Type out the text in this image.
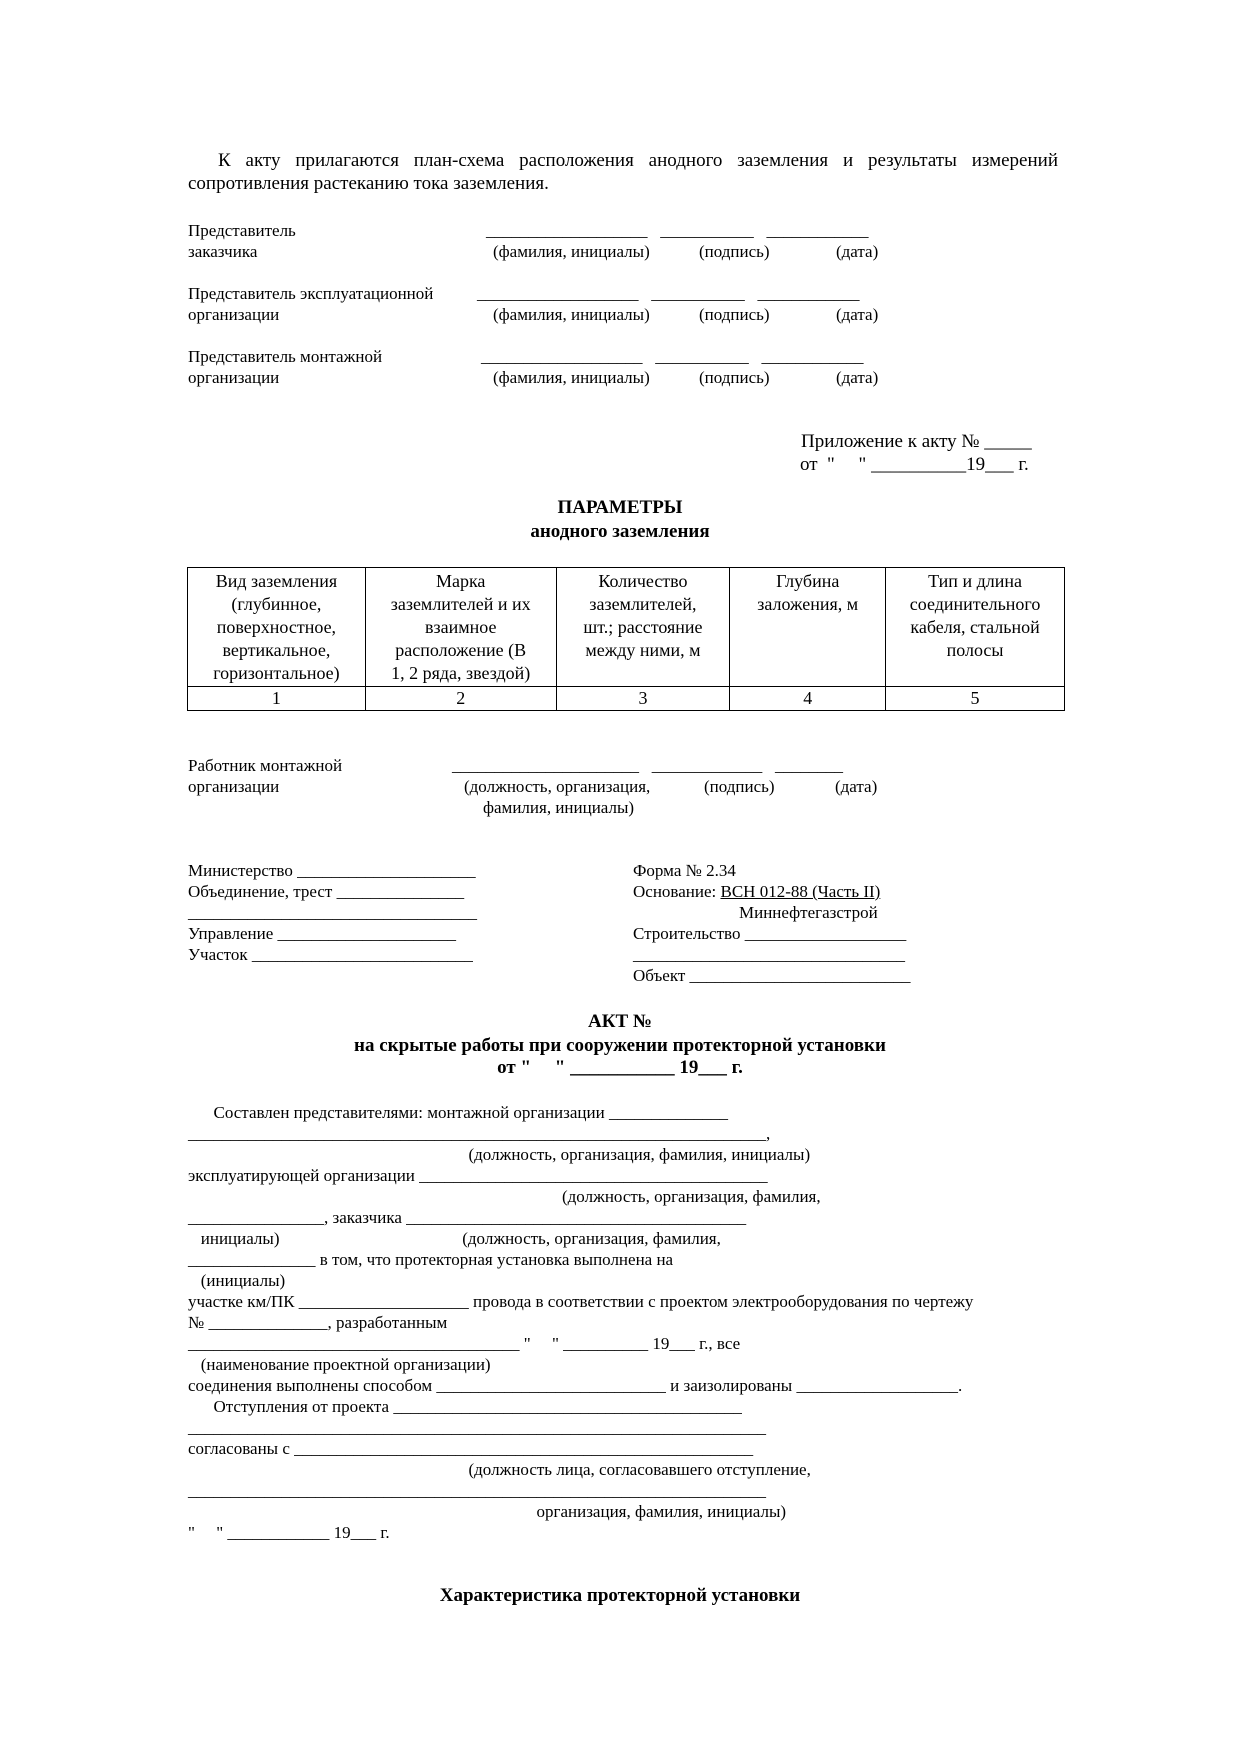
К акту прилагаются план-схема расположения анодного заземления и результаты измерений сопротивления растеканию тока заземления.
Представитель
заказчика
___________________   ___________   ____________
(фамилия, инициалы)	(подпись)	(дата)
Представитель эксплуатационной
организации
___________________   ___________   ____________
(фамилия, инициалы)	(подпись)	(дата)
Представитель монтажной
организации
___________________   ___________   ____________
(фамилия, инициалы)	(подпись)	(дата)
Приложение к акту № _____
от  "     " __________19___ г.
ПАРАМЕТРЫ
анодного заземления
Вид заземления
(глубинное,
поверхностное,
вертикальное,
горизонтальное)	Марка
заземлителей и их
взаимное
расположение (В
1, 2 ряда, звездой)	Количество
заземлителей,
шт.; расстояние
между ними, м	Глубина
заложения, м	Тип и длина
соединительного
кабеля, стальной
полосы
1	2	3	4	5
Работник монтажной
организации
______________________   _____________   ________
(должность, организация,
фамилия, инициалы)
(подпись)	(дата)
Министерство _____________________
Объединение, трест _______________
__________________________________
Управление _____________________
Участок __________________________
Форма № 2.34
Основание: ВСН 012-88 (Часть II)
Миннефтегазстрой
Строительство ___________________
________________________________
Объект __________________________
АКТ №
на скрытые работы при сооружении протекторной установки
от "     " ___________ 19___ г.
Составлен представителями: монтажной организации ______________
____________________________________________________________________,
(должность, организация, фамилия, инициалы)
эксплуатирующей организации _________________________________________
(должность, организация, фамилия,
________________, заказчика ________________________________________
инициалы)                                           (должность, организация, фамилия,
_______________ в том, что протекторная установка выполнена на
(инициалы)
участке км/ПК ____________________ провода в соответствии с проектом электрооборудования по чертежу
№ ______________, разработанным
_______________________________________ "     " __________ 19___ г., все
(наименование проектной организации)
соединения выполнены способом ___________________________ и заизолированы ___________________.
Отступления от проекта _________________________________________
____________________________________________________________________
согласованы с ______________________________________________________
(должность лица, согласовавшего отступление,
____________________________________________________________________
организация, фамилия, инициалы)
"     " ____________ 19___ г.
Характеристика протекторной установки
